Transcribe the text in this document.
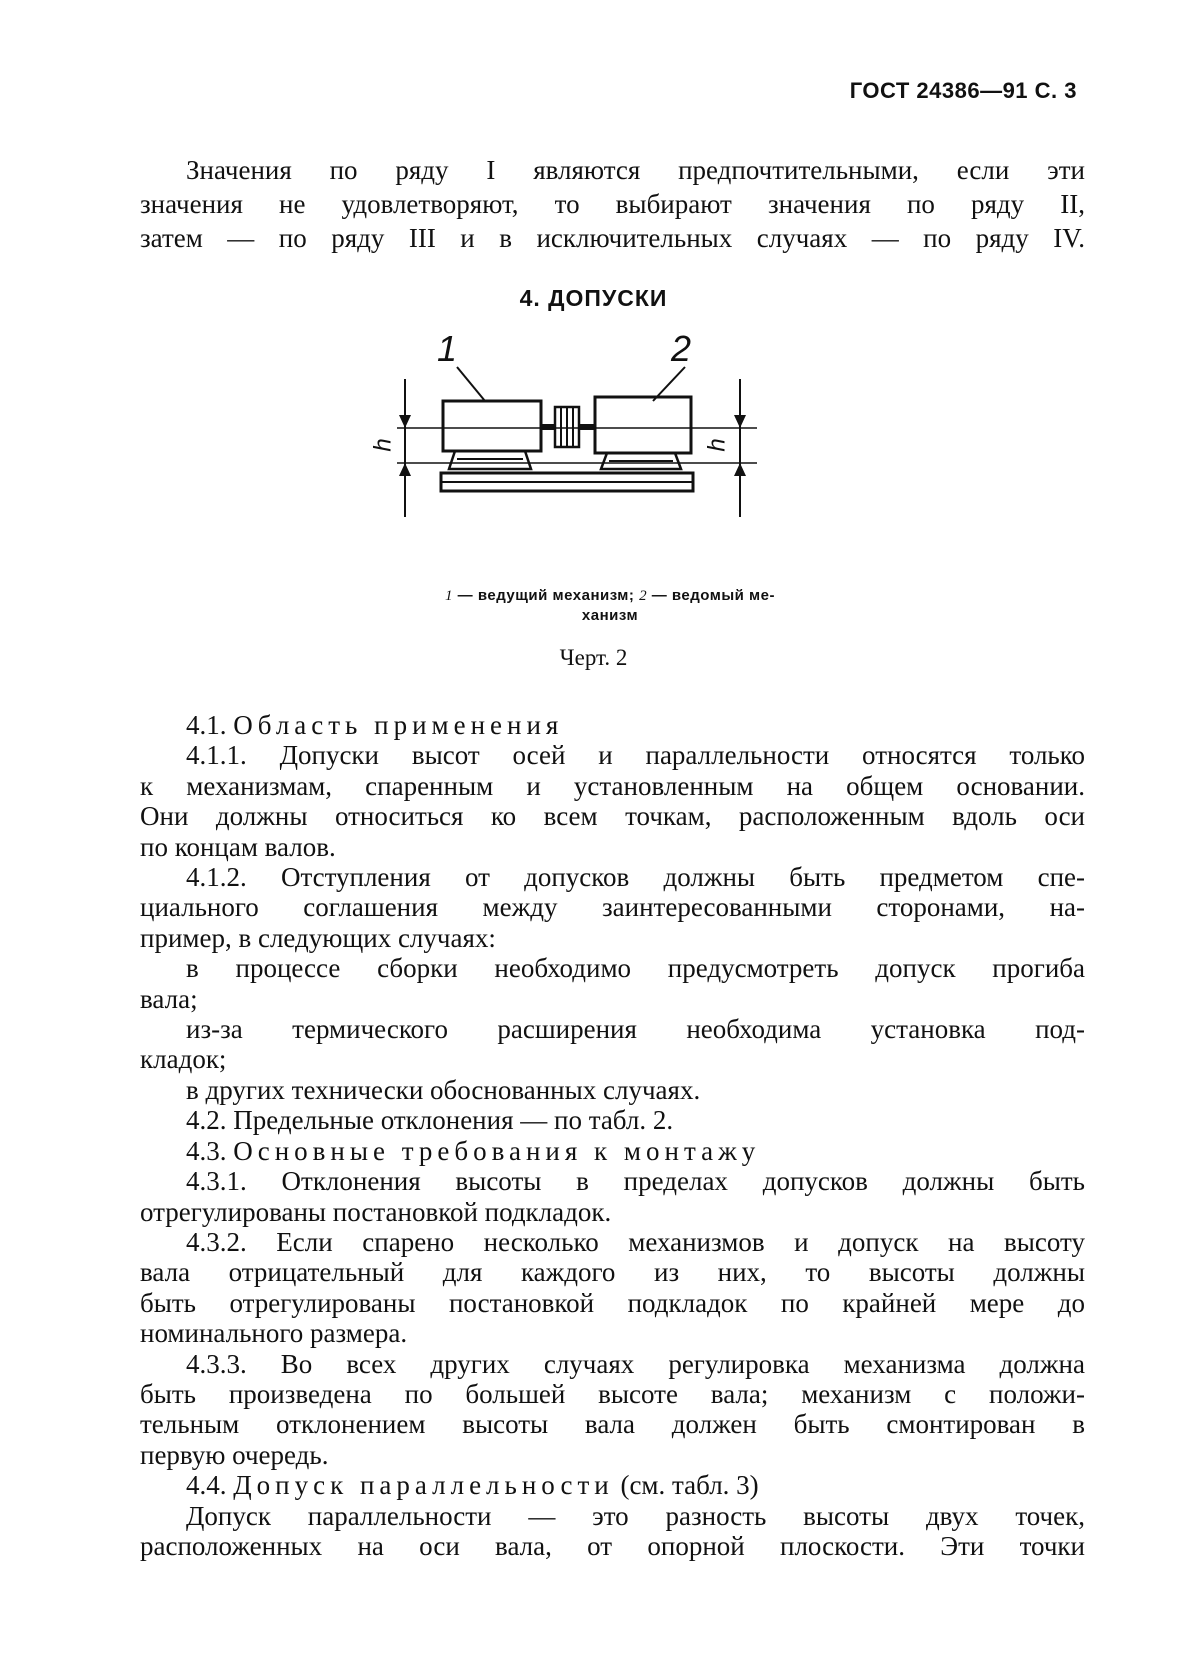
ГОСТ 24386—91 С. 3
Значения по ряду I являются предпочтительными, если эти
значения не удовлетворяют, то выбирают значения по ряду II,
затем — по ряду III и в исключительных случаях — по ряду IV.
4. ДОПУСКИ
1	2
h	h
1 — ведущий механизм; 2 — ведомый ме-
ханизм
Черт. 2
4.1. Область применения
4.1.1. Допуски высот осей и параллельности относятся только
к механизмам, спаренным и установленным на общем основании.
Они должны относиться ко всем точкам, расположенным вдоль оси
по концам валов.
4.1.2. Отступления от допусков должны быть предметом спе-
циального соглашения между заинтересованными сторонами, на-
пример, в следующих случаях:
в процессе сборки необходимо предусмотреть допуск прогиба
вала;
из-за термического расширения необходима установка под-
кладок;
в других технически обоснованных случаях.
4.2. Предельные отклонения — по табл. 2.
4.3. Основные требования к монтажу
4.3.1. Отклонения высоты в пределах допусков должны быть
отрегулированы постановкой подкладок.
4.3.2. Если спарено несколько механизмов и допуск на высоту
вала отрицательный для каждого из них, то высоты должны
быть отрегулированы постановкой подкладок по крайней мере до
номинального размера.
4.3.3. Во всех других случаях регулировка механизма должна
быть произведена по большей высоте вала; механизм с положи-
тельным отклонением высоты вала должен быть смонтирован в
первую очередь.
4.4. Допуск параллельности (см. табл. 3)
Допуск параллельности — это разность высоты двух точек,
расположенных на оси вала, от опорной плоскости. Эти точки
